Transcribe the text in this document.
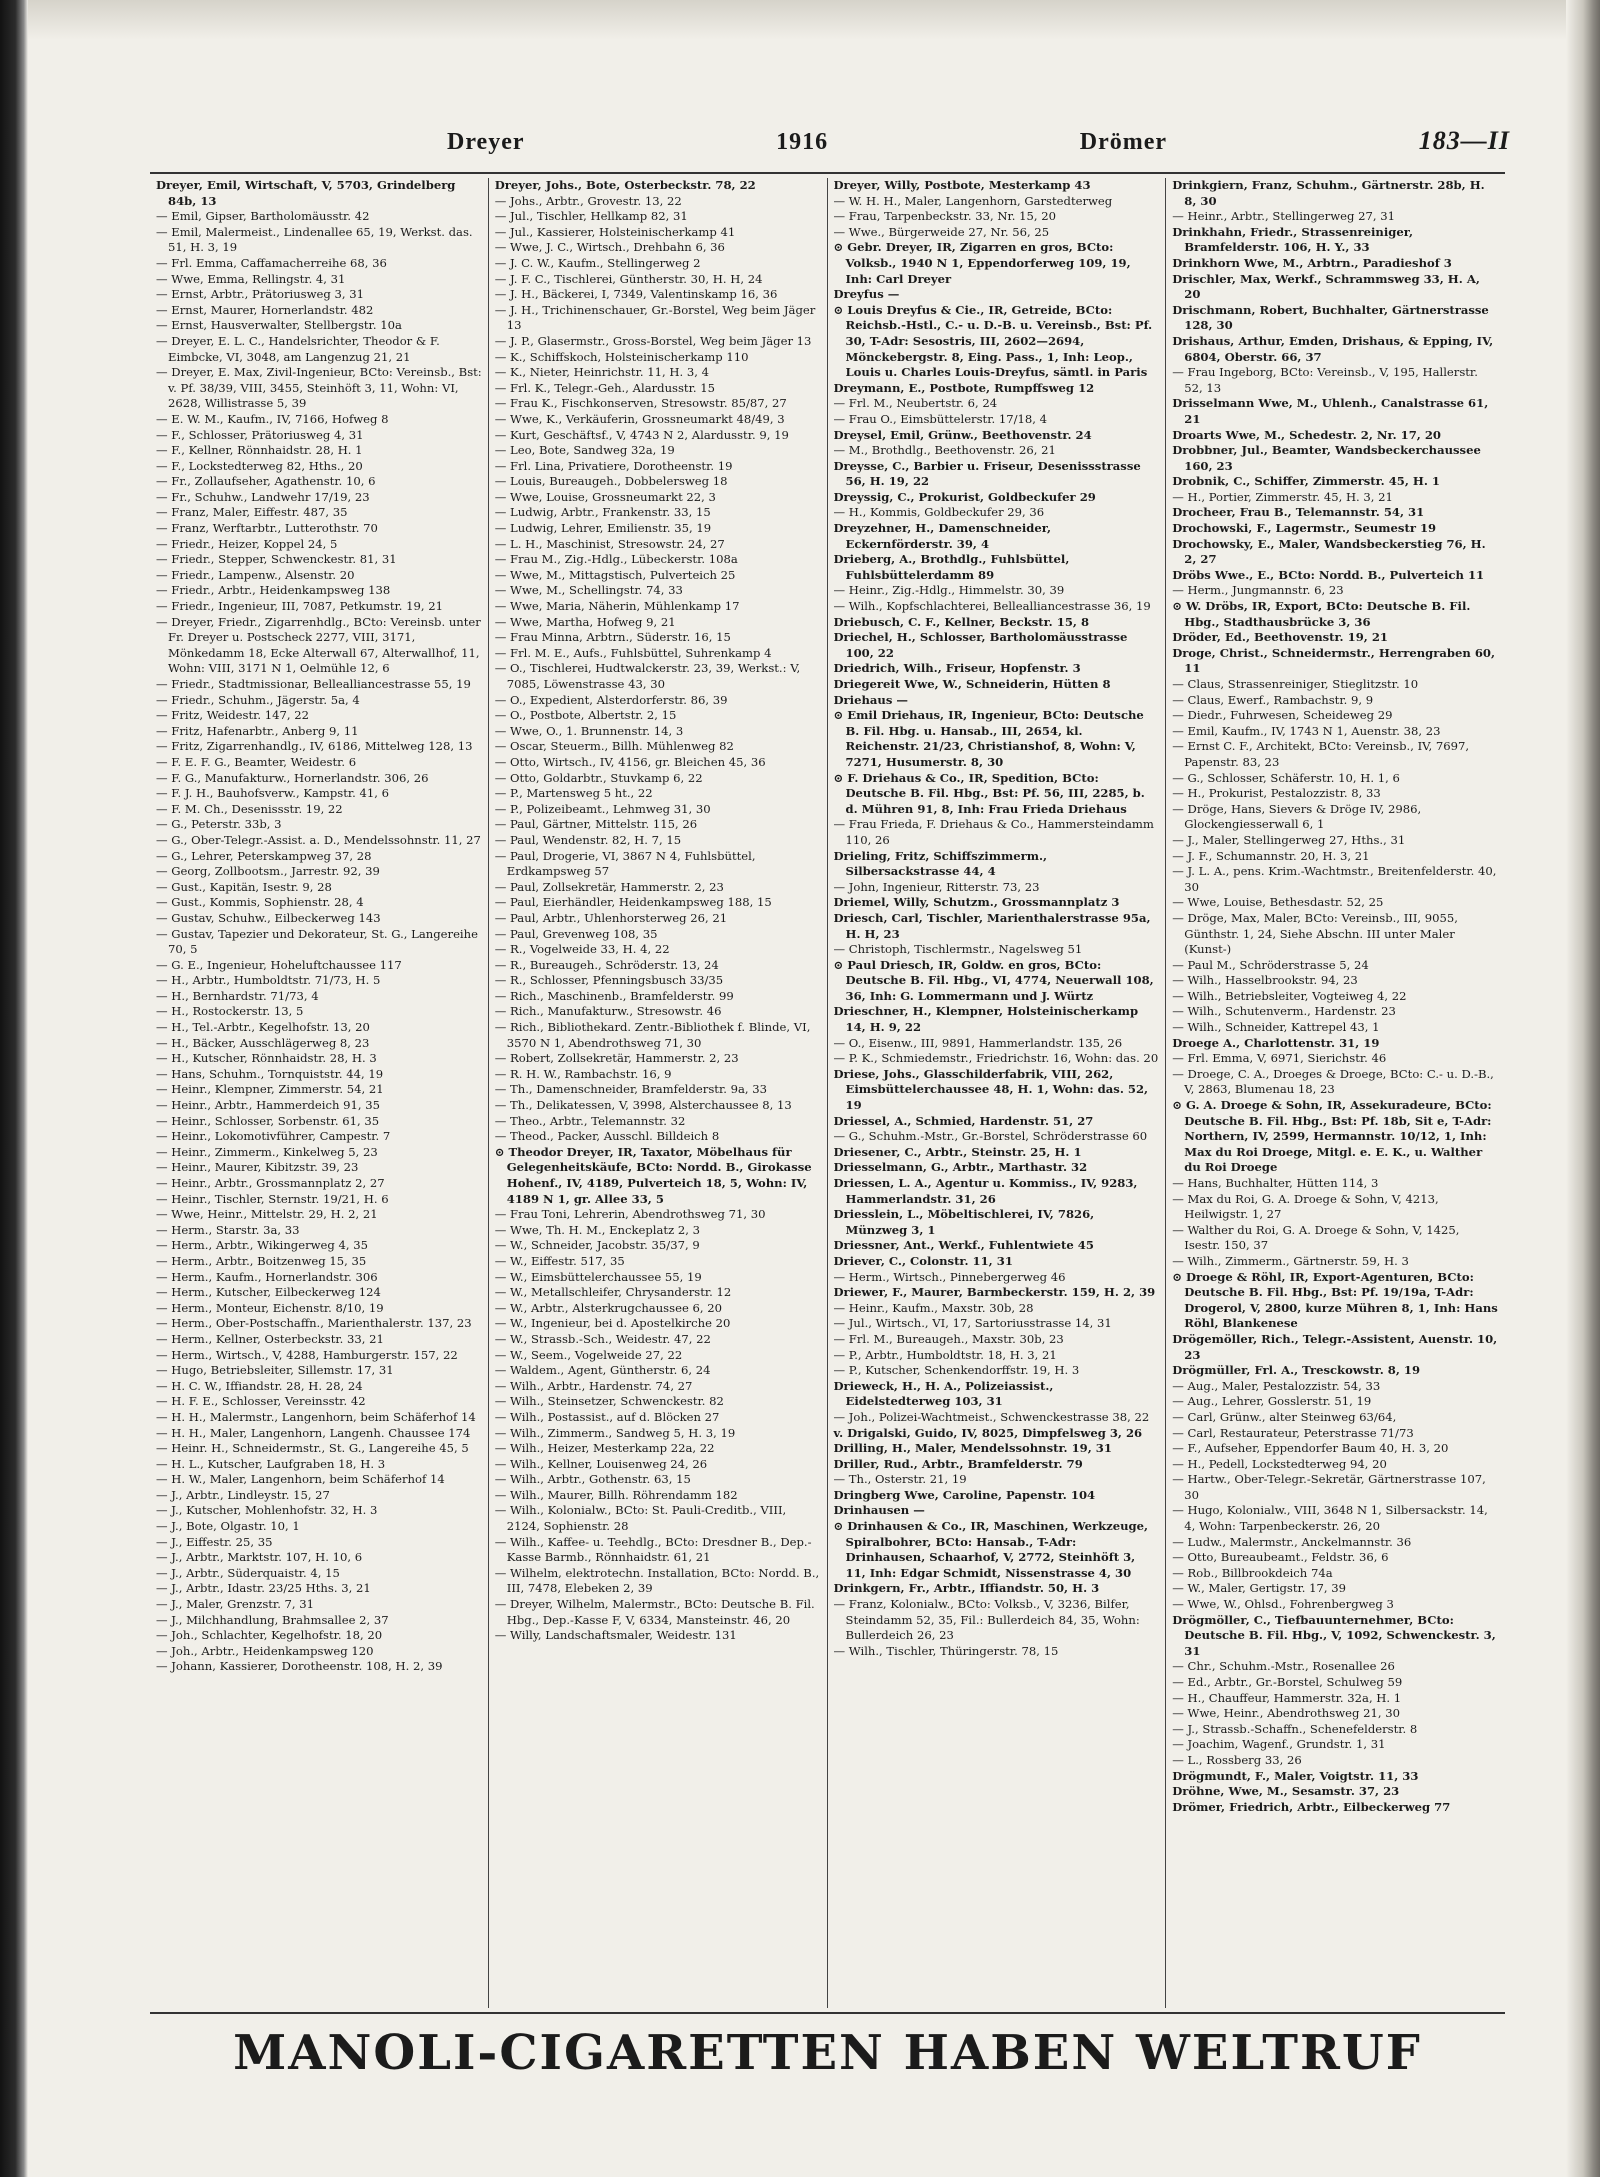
Dreyer	1916	Drömer	183—II

Dreyer, Emil, Wirtschaft, V, 5703, Grindelberg 84b, 13

— Emil, Gipser, Bartholomäusstr. 42

— Emil, Malermeist., Lindenallee 65, 19, Werkst. das. 51, H. 3, 19

— Frl. Emma, Caffamacherreihe 68, 36

— Wwe, Emma, Rellingstr. 4, 31

— Ernst, Arbtr., Prätoriusweg 3, 31

— Ernst, Maurer, Hornerlandstr. 482

— Ernst, Hausverwalter, Stellbergstr. 10a

— Dreyer, E. L. C., Handelsrichter, Theodor & F. Eimbcke, VI, 3048, am Langenzug 21, 21

— Dreyer, E. Max, Zivil-Ingenieur, BCto: Vereinsb., Bst: v. Pf. 38/39, VIII, 3455, Steinhöft 3, 11, Wohn: VI, 2628, Willistrasse 5, 39

— E. W. M., Kaufm., IV, 7166, Hofweg 8

— F., Schlosser, Prätoriusweg 4, 31

— F., Kellner, Rönnhaidstr. 28, H. 1

— F., Lockstedterweg 82, Hths., 20

— Fr., Zollaufseher, Agathenstr. 10, 6

— Fr., Schuhw., Landwehr 17/19, 23

— Franz, Maler, Eiffestr. 487, 35

— Franz, Werftarbtr., Lutterothstr. 70

— Friedr., Heizer, Koppel 24, 5

— Friedr., Stepper, Schwenckestr. 81, 31

— Friedr., Lampenw., Alsenstr. 20

— Friedr., Arbtr., Heidenkampsweg 138

— Friedr., Ingenieur, III, 7087, Petkumstr. 19, 21

— Dreyer, Friedr., Zigarrenhdlg., BCto: Vereinsb. unter Fr. Dreyer u. Postscheck 2277, VIII, 3171, Mönkedamm 18, Ecke Alterwall 67, Alterwallhof, 11, Wohn: VIII, 3171 N 1, Oelmühle 12, 6

— Friedr., Stadtmissionar, Bellealliancestrasse 55, 19

— Friedr., Schuhm., Jägerstr. 5a, 4

— Fritz, Weidestr. 147, 22

— Fritz, Hafenarbtr., Anberg 9, 11

— Fritz, Zigarrenhandlg., IV, 6186, Mittelweg 128, 13

— F. E. F. G., Beamter, Weidestr. 6

— F. G., Manufakturw., Hornerlandstr. 306, 26

— F. J. H., Bauhofsverw., Kampstr. 41, 6

— F. M. Ch., Desenissstr. 19, 22

— G., Peterstr. 33b, 3

— G., Ober-Telegr.-Assist. a. D., Mendelssohnstr. 11, 27

— G., Lehrer, Peterskampweg 37, 28

— Georg, Zollbootsm., Jarrestr. 92, 39

— Gust., Kapitän, Isestr. 9, 28

— Gust., Kommis, Sophienstr. 28, 4

— Gustav, Schuhw., Eilbeckerweg 143

— Gustav, Tapezier und Dekorateur, St. G., Langereihe 70, 5

— G. E., Ingenieur, Hoheluftchaussee 117

— H., Arbtr., Humboldtstr. 71/73, H. 5

— H., Bernhardstr. 71/73, 4

— H., Rostockerstr. 13, 5

— H., Tel.-Arbtr., Kegelhofstr. 13, 20

— H., Bäcker, Ausschlägerweg 8, 23

— H., Kutscher, Rönnhaidstr. 28, H. 3

— Hans, Schuhm., Tornquiststr. 44, 19

— Heinr., Klempner, Zimmerstr. 54, 21

— Heinr., Arbtr., Hammerdeich 91, 35

— Heinr., Schlosser, Sorbenstr. 61, 35

— Heinr., Lokomotivführer, Campestr. 7

— Heinr., Zimmerm., Kinkelweg 5, 23

— Heinr., Maurer, Kibitzstr. 39, 23

— Heinr., Arbtr., Grossmannplatz 2, 27

— Heinr., Tischler, Sternstr. 19/21, H. 6

— Wwe, Heinr., Mittelstr. 29, H. 2, 21

— Herm., Starstr. 3a, 33

— Herm., Arbtr., Wikingerweg 4, 35

— Herm., Arbtr., Boitzenweg 15, 35

— Herm., Kaufm., Hornerlandstr. 306

— Herm., Kutscher, Eilbeckerweg 124

— Herm., Monteur, Eichenstr. 8/10, 19

— Herm., Ober-Postschaffn., Marienthalerstr. 137, 23

— Herm., Kellner, Osterbeckstr. 33, 21

— Herm., Wirtsch., V, 4288, Hamburgerstr. 157, 22

— Hugo, Betriebsleiter, Sillemstr. 17, 31

— H. C. W., Iffiandstr. 28, H. 28, 24

— H. F. E., Schlosser, Vereinsstr. 42

— H. H., Malermstr., Langenhorn, beim Schäferhof 14

— H. H., Maler, Langenhorn, Langenh. Chaussee 174

— Heinr. H., Schneidermstr., St. G., Langereihe 45, 5

— H. L., Kutscher, Laufgraben 18, H. 3

— H. W., Maler, Langenhorn, beim Schäferhof 14

— J., Arbtr., Lindleystr. 15, 27

— J., Kutscher, Mohlenhofstr. 32, H. 3

— J., Bote, Olgastr. 10, 1

— J., Eiffestr. 25, 35

— J., Arbtr., Marktstr. 107, H. 10, 6

— J., Arbtr., Süderquaistr. 4, 15

— J., Arbtr., Idastr. 23/25 Hths. 3, 21

— J., Maler, Grenzstr. 7, 31

— J., Milchhandlung, Brahmsallee 2, 37

— Joh., Schlachter, Kegelhofstr. 18, 20

— Joh., Arbtr., Heidenkampsweg 120

— Johann, Kassierer, Dorotheenstr. 108, H. 2, 39

Dreyer, Johs., Bote, Osterbeckstr. 78, 22

— Johs., Arbtr., Grovestr. 13, 22

— Jul., Tischler, Hellkamp 82, 31

— Jul., Kassierer, Holsteinischerkamp 41

— Wwe, J. C., Wirtsch., Drehbahn 6, 36

— J. C. W., Kaufm., Stellingerweg 2

— J. F. C., Tischlerei, Güntherstr. 30, H. H, 24

— J. H., Bäckerei, I, 7349, Valentinskamp 16, 36

— J. H., Trichinenschauer, Gr.-Borstel, Weg beim Jäger 13

— J. P., Glasermstr., Gross-Borstel, Weg beim Jäger 13

— K., Schiffskoch, Holsteinischerkamp 110

— K., Nieter, Heinrichstr. 11, H. 3, 4

— Frl. K., Telegr.-Geh., Alardusstr. 15

— Frau K., Fischkonserven, Stresowstr. 85/87, 27

— Wwe, K., Verkäuferin, Grossneumarkt 48/49, 3

— Kurt, Geschäftsf., V, 4743 N 2, Alardusstr. 9, 19

— Leo, Bote, Sandweg 32a, 19

— Frl. Lina, Privatiere, Dorotheenstr. 19

— Louis, Bureaugeh., Dobbelersweg 18

— Wwe, Louise, Grossneumarkt 22, 3

— Ludwig, Arbtr., Frankenstr. 33, 15

— Ludwig, Lehrer, Emilienstr. 35, 19

— L. H., Maschinist, Stresowstr. 24, 27

— Frau M., Zig.-Hdlg., Lübeckerstr. 108a

— Wwe, M., Mittagstisch, Pulverteich 25

— Wwe, M., Schellingstr. 74, 33

— Wwe, Maria, Näherin, Mühlenkamp 17

— Wwe, Martha, Hofweg 9, 21

— Frau Minna, Arbtrn., Süderstr. 16, 15

— Frl. M. E., Aufs., Fuhlsbüttel, Suhrenkamp 4

— O., Tischlerei, Hudtwalckerstr. 23, 39, Werkst.: V, 7085, Löwenstrasse 43, 30

— O., Expedient, Alsterdorferstr. 86, 39

— O., Postbote, Albertstr. 2, 15

— Wwe, O., 1. Brunnenstr. 14, 3

— Oscar, Steuerm., Billh. Mühlenweg 82

— Otto, Wirtsch., IV, 4156, gr. Bleichen 45, 36

— Otto, Goldarbtr., Stuvkamp 6, 22

— P., Martensweg 5 ht., 22

— P., Polizeibeamt., Lehmweg 31, 30

— Paul, Gärtner, Mittelstr. 115, 26

— Paul, Wendenstr. 82, H. 7, 15

— Paul, Drogerie, VI, 3867 N 4, Fuhlsbüttel, Erdkampsweg 57

— Paul, Zollsekretär, Hammerstr. 2, 23

— Paul, Eierhändler, Heidenkampsweg 188, 15

— Paul, Arbtr., Uhlenhorsterweg 26, 21

— Paul, Grevenweg 108, 35

— R., Vogelweide 33, H. 4, 22

— R., Bureaugeh., Schröderstr. 13, 24

— R., Schlosser, Pfenningsbusch 33/35

— Rich., Maschinenb., Bramfelderstr. 99

— Rich., Manufakturw., Stresowstr. 46

— Rich., Bibliothekard. Zentr.-Bibliothek f. Blinde, VI, 3570 N 1, Abendrothsweg 71, 30

— Robert, Zollsekretär, Hammerstr. 2, 23

— R. H. W., Rambachstr. 16, 9

— Th., Damenschneider, Bramfelderstr. 9a, 33

— Th., Delikatessen, V, 3998, Alsterchaussee 8, 13

— Theo., Arbtr., Telemannstr. 32

— Theod., Packer, Ausschl. Billdeich 8

⊙ Theodor Dreyer, IR, Taxator, Möbelhaus für Gelegenheitskäufe, BCto: Nordd. B., Girokasse Hohenf., IV, 4189, Pulverteich 18, 5, Wohn: IV, 4189 N 1, gr. Allee 33, 5

— Frau Toni, Lehrerin, Abendrothsweg 71, 30

— Wwe, Th. H. M., Enckeplatz 2, 3

— W., Schneider, Jacobstr. 35/37, 9

— W., Eiffestr. 517, 35

— W., Eimsbüttelerchaussee 55, 19

— W., Metallschleifer, Chrysanderstr. 12

— W., Arbtr., Alsterkrugchaussee 6, 20

— W., Ingenieur, bei d. Apostelkirche 20

— W., Strassb.-Sch., Weidestr. 47, 22

— W., Seem., Vogelweide 27, 22

— Waldem., Agent, Güntherstr. 6, 24

— Wilh., Arbtr., Hardenstr. 74, 27

— Wilh., Steinsetzer, Schwenckestr. 82

— Wilh., Postassist., auf d. Blöcken 27

— Wilh., Zimmerm., Sandweg 5, H. 3, 19

— Wilh., Heizer, Mesterkamp 22a, 22

— Wilh., Kellner, Louisenweg 24, 26

— Wilh., Arbtr., Gothenstr. 63, 15

— Wilh., Maurer, Billh. Röhrendamm 182

— Wilh., Kolonialw., BCto: St. Pauli-Creditb., VIII, 2124, Sophienstr. 28

— Wilh., Kaffee- u. Teehdlg., BCto: Dresdner B., Dep.-Kasse Barmb., Rönnhaidstr. 61, 21

— Wilhelm, elektrotechn. Installation, BCto: Nordd. B., III, 7478, Elebeken 2, 39

— Dreyer, Wilhelm, Malermstr., BCto: Deutsche B. Fil. Hbg., Dep.-Kasse F, V, 6334, Mansteinstr. 46, 20

— Willy, Landschaftsmaler, Weidestr. 131

Dreyer, Willy, Postbote, Mesterkamp 43

— W. H. H., Maler, Langenhorn, Garstedterweg

— Frau, Tarpenbeckstr. 33, Nr. 15, 20

— Wwe., Bürgerweide 27, Nr. 56, 25

⊙ Gebr. Dreyer, IR, Zigarren en gros, BCto: Volksb., 1940 N 1, Eppendorferweg 109, 19, Inh: Carl Dreyer

Dreyfus —

⊙ Louis Dreyfus & Cie., IR, Getreide, BCto: Reichsb.-Hstl., C.- u. D.-B. u. Vereinsb., Bst: Pf. 30, T-Adr: Sesostris, III, 2602—2694, Mönckebergstr. 8, Eing. Pass., 1, Inh: Leop., Louis u. Charles Louis-Dreyfus, sämtl. in Paris

Dreymann, E., Postbote, Rumpffsweg 12

— Frl. M., Neubertstr. 6, 24

— Frau O., Eimsbüttelerstr. 17/18, 4

Dreysel, Emil, Grünw., Beethovenstr. 24

— M., Brothdlg., Beethovenstr. 26, 21

Dreysse, C., Barbier u. Friseur, Desenissstrasse 56, H. 19, 22

Dreyssig, C., Prokurist, Goldbeckufer 29

— H., Kommis, Goldbeckufer 29, 36

Dreyzehner, H., Damenschneider, Eckernförderstr. 39, 4

Drieberg, A., Brothdlg., Fuhlsbüttel, Fuhlsbüttelerdamm 89

— Heinr., Zig.-Hdlg., Himmelstr. 30, 39

— Wilh., Kopfschlachterei, Bellealliancestrasse 36, 19

Driebusch, C. F., Kellner, Beckstr. 15, 8

Driechel, H., Schlosser, Bartholomäusstrasse 100, 22

Driedrich, Wilh., Friseur, Hopfenstr. 3

Driegereit Wwe, W., Schneiderin, Hütten 8

Driehaus —

⊙ Emil Driehaus, IR, Ingenieur, BCto: Deutsche B. Fil. Hbg. u. Hansab., III, 2654, kl. Reichenstr. 21/23, Christianshof, 8, Wohn: V, 7271, Husumerstr. 8, 30

⊙ F. Driehaus & Co., IR, Spedition, BCto: Deutsche B. Fil. Hbg., Bst: Pf. 56, III, 2285, b. d. Mühren 91, 8, Inh: Frau Frieda Driehaus

— Frau Frieda, F. Driehaus & Co., Hammersteindamm 110, 26

Drieling, Fritz, Schiffszimmerm., Silbersackstrasse 44, 4

— John, Ingenieur, Ritterstr. 73, 23

Driemel, Willy, Schutzm., Grossmannplatz 3

Driesch, Carl, Tischler, Marienthalerstrasse 95a, H. H, 23

— Christoph, Tischlermstr., Nagelsweg 51

⊙ Paul Driesch, IR, Goldw. en gros, BCto: Deutsche B. Fil. Hbg., VI, 4774, Neuerwall 108, 36, Inh: G. Lommermann und J. Würtz

Drieschner, H., Klempner, Holsteinischerkamp 14, H. 9, 22

— O., Eisenw., III, 9891, Hammerlandstr. 135, 26

— P. K., Schmiedemstr., Friedrichstr. 16, Wohn: das. 20

Driese, Johs., Glasschilderfabrik, VIII, 262, Eimsbüttelerchaussee 48, H. 1, Wohn: das. 52, 19

Driessel, A., Schmied, Hardenstr. 51, 27

— G., Schuhm.-Mstr., Gr.-Borstel, Schröderstrasse 60

Driesener, C., Arbtr., Steinstr. 25, H. 1

Driesselmann, G., Arbtr., Marthastr. 32

Driessen, L. A., Agentur u. Kommiss., IV, 9283, Hammerlandstr. 31, 26

Driesslein, L., Möbeltischlerei, IV, 7826, Münzweg 3, 1

Driessner, Ant., Werkf., Fuhlentwiete 45

Driever, C., Colonstr. 11, 31

— Herm., Wirtsch., Pinnebergerweg 46

Driewer, F., Maurer, Barmbeckerstr. 159, H. 2, 39

— Heinr., Kaufm., Maxstr. 30b, 28

— Jul., Wirtsch., VI, 17, Sartoriusstrasse 14, 31

— Frl. M., Bureaugeh., Maxstr. 30b, 23

— P., Arbtr., Humboldtstr. 18, H. 3, 21

— P., Kutscher, Schenkendorffstr. 19, H. 3

Drieweck, H., H. A., Polizeiassist., Eidelstedterweg 103, 31

— Joh., Polizei-Wachtmeist., Schwenckestrasse 38, 22

v. Drigalski, Guido, IV, 8025, Dimpfelsweg 3, 26

Drilling, H., Maler, Mendelssohnstr. 19, 31

Driller, Rud., Arbtr., Bramfelderstr. 79

— Th., Osterstr. 21, 19

Dringberg Wwe, Caroline, Papenstr. 104

Drinhausen —

⊙ Drinhausen & Co., IR, Maschinen, Werkzeuge, Spiralbohrer, BCto: Hansab., T-Adr: Drinhausen, Schaarhof, V, 2772, Steinhöft 3, 11, Inh: Edgar Schmidt, Nissenstrasse 4, 30

Drinkgern, Fr., Arbtr., Iffiandstr. 50, H. 3

— Franz, Kolonialw., BCto: Volksb., V, 3236, Bilfer, Steindamm 52, 35, Fil.: Bullerdeich 84, 35, Wohn: Bullerdeich 26, 23

— Wilh., Tischler, Thüringerstr. 78, 15

Drinkgiern, Franz, Schuhm., Gärtnerstr. 28b, H. 8, 30

— Heinr., Arbtr., Stellingerweg 27, 31

Drinkhahn, Friedr., Strassenreiniger, Bramfelderstr. 106, H. Y., 33

Drinkhorn Wwe, M., Arbtrn., Paradieshof 3

Drischler, Max, Werkf., Schrammsweg 33, H. A, 20

Drischmann, Robert, Buchhalter, Gärtnerstrasse 128, 30

Drishaus, Arthur, Emden, Drishaus, & Epping, IV, 6804, Oberstr. 66, 37

— Frau Ingeborg, BCto: Vereinsb., V, 195, Hallerstr. 52, 13

Drisselmann Wwe, M., Uhlenh., Canalstrasse 61, 21

Droarts Wwe, M., Schedestr. 2, Nr. 17, 20

Drobbner, Jul., Beamter, Wandsbeckerchaussee 160, 23

Drobnik, C., Schiffer, Zimmerstr. 45, H. 1

— H., Portier, Zimmerstr. 45, H. 3, 21

Drocheer, Frau B., Telemannstr. 54, 31

Drochowski, F., Lagermstr., Seumestr 19

Drochowsky, E., Maler, Wandsbeckerstieg 76, H. 2, 27

Dröbs Wwe., E., BCto: Nordd. B., Pulverteich 11

— Herm., Jungmannstr. 6, 23

⊙ W. Dröbs, IR, Export, BCto: Deutsche B. Fil. Hbg., Stadthausbrücke 3, 36

Dröder, Ed., Beethovenstr. 19, 21

Droge, Christ., Schneidermstr., Herrengraben 60, 11

— Claus, Strassenreiniger, Stieglitzstr. 10

— Claus, Ewerf., Rambachstr. 9, 9

— Diedr., Fuhrwesen, Scheideweg 29

— Emil, Kaufm., IV, 1743 N 1, Auenstr. 38, 23

— Ernst C. F., Architekt, BCto: Vereinsb., IV, 7697, Papenstr. 83, 23

— G., Schlosser, Schäferstr. 10, H. 1, 6

— H., Prokurist, Pestalozzistr. 8, 33

— Dröge, Hans, Sievers & Dröge IV, 2986, Glockengiesserwall 6, 1

— J., Maler, Stellingerweg 27, Hths., 31

— J. F., Schumannstr. 20, H. 3, 21

— J. L. A., pens. Krim.-Wachtmstr., Breitenfelderstr. 40, 30

— Wwe, Louise, Bethesdastr. 52, 25

— Dröge, Max, Maler, BCto: Vereinsb., III, 9055, Günthstr. 1, 24, Siehe Abschn. III unter Maler (Kunst-)

— Paul M., Schröderstrasse 5, 24

— Wilh., Hasselbrookstr. 94, 23

— Wilh., Betriebsleiter, Vogteiweg 4, 22

— Wilh., Schutenverm., Hardenstr. 23

— Wilh., Schneider, Kattrepel 43, 1

Droege A., Charlottenstr. 31, 19

— Frl. Emma, V, 6971, Sierichstr. 46

— Droege, C. A., Droeges & Droege, BCto: C.- u. D.-B., V, 2863, Blumenau 18, 23

⊙ G. A. Droege & Sohn, IR, Assekuradeure, BCto: Deutsche B. Fil. Hbg., Bst: Pf. 18b, Sit e, T-Adr: Northern, IV, 2599, Hermannstr. 10/12, 1, Inh: Max du Roi Droege, Mitgl. e. E. K., u. Walther du Roi Droege

— Hans, Buchhalter, Hütten 114, 3

— Max du Roi, G. A. Droege & Sohn, V, 4213, Heilwigstr. 1, 27

— Walther du Roi, G. A. Droege & Sohn, V, 1425, Isestr. 150, 37

— Wilh., Zimmerm., Gärtnerstr. 59, H. 3

⊙ Droege & Röhl, IR, Export-Agenturen, BCto: Deutsche B. Fil. Hbg., Bst: Pf. 19/19a, T-Adr: Drogerol, V, 2800, kurze Mühren 8, 1, Inh: Hans Röhl, Blankenese

Drögemöller, Rich., Telegr.-Assistent, Auenstr. 10, 23

Drögmüller, Frl. A., Tresckowstr. 8, 19

— Aug., Maler, Pestalozzistr. 54, 33

— Aug., Lehrer, Gosslerstr. 51, 19

— Carl, Grünw., alter Steinweg 63/64,

— Carl, Restaurateur, Peterstrasse 71/73

— F., Aufseher, Eppendorfer Baum 40, H. 3, 20

— H., Pedell, Lockstedterweg 94, 20

— Hartw., Ober-Telegr.-Sekretär, Gärtnerstrasse 107, 30

— Hugo, Kolonialw., VIII, 3648 N 1, Silbersackstr. 14, 4, Wohn: Tarpenbeckerstr. 26, 20

— Ludw., Malermstr., Anckelmannstr. 36

— Otto, Bureaubeamt., Feldstr. 36, 6

— Rob., Billbrookdeich 74a

— W., Maler, Gertigstr. 17, 39

— Wwe, W., Ohlsd., Fohrenbergweg 3

Drögmöller, C., Tiefbauunternehmer, BCto: Deutsche B. Fil. Hbg., V, 1092, Schwenckestr. 3, 31

— Chr., Schuhm.-Mstr., Rosenallee 26

— Ed., Arbtr., Gr.-Borstel, Schulweg 59

— H., Chauffeur, Hammerstr. 32a, H. 1

— Wwe, Heinr., Abendrothsweg 21, 30

— J., Strassb.-Schaffn., Schenefelderstr. 8

— Joachim, Wagenf., Grundstr. 1, 31

— L., Rossberg 33, 26

Drögmundt, F., Maler, Voigtstr. 11, 33

Dröhne, Wwe, M., Sesamstr. 37, 23

Drömer, Friedrich, Arbtr., Eilbeckerweg 77

MANOLI-CIGARETTEN HABEN WELTRUF
